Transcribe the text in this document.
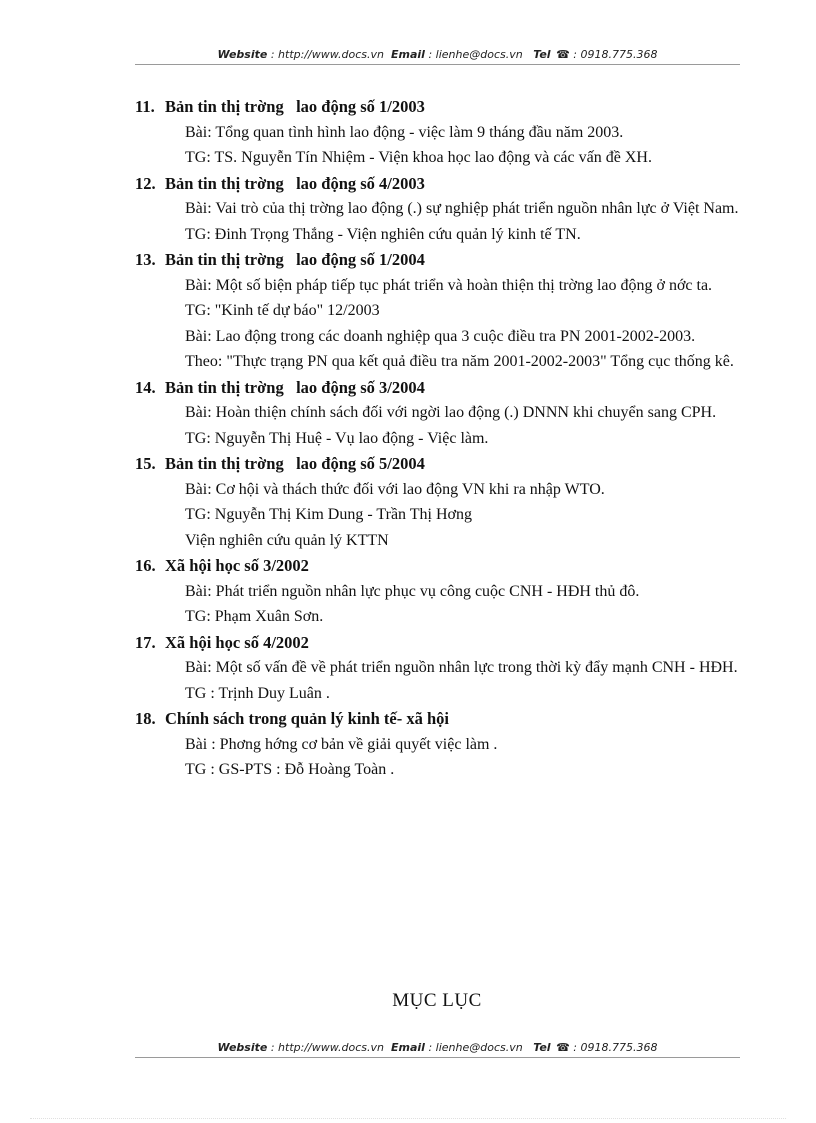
Website : http://www.docs.vn Email : lienhe@docs.vn Tel ☎ : 0918.775.368

11. Bản tin thị trờng   lao động số 1/2003

Bài: Tổng quan tình hình lao động - việc làm 9 tháng đầu năm 2003.

TG: TS. Nguyễn Tín Nhiệm - Viện khoa học lao động và các vấn đề XH.

12. Bản tin thị trờng   lao động số 4/2003

Bài: Vai trò của thị trờng lao động (.) sự nghiệp phát triển nguồn nhân lực ở Việt Nam.

TG: Đinh Trọng Thắng - Viện nghiên cứu quản lý kinh tế TN.

13. Bản tin thị trờng   lao động số 1/2004

Bài: Một số biện pháp tiếp tục phát triển và hoàn thiện thị trờng lao động ở nớc ta.

TG: "Kinh tế dự báo" 12/2003

Bài: Lao động trong các doanh nghiệp qua 3 cuộc điều tra PN 2001-2002-2003.

Theo: "Thực trạng PN qua kết quả điều tra năm 2001-2002-2003" Tổng cục thống kê.

14. Bản tin thị trờng   lao động số 3/2004

Bài: Hoàn thiện chính sách đối với ngời lao động (.) DNNN khi chuyển sang CPH.

TG: Nguyễn Thị Huệ - Vụ lao động - Việc làm.

15. Bản tin thị trờng   lao động số 5/2004

Bài: Cơ hội và thách thức đối với lao động VN khi ra nhập WTO.

TG: Nguyễn Thị Kim Dung - Trần Thị Hơng

Viện nghiên cứu quản lý KTTN

16. Xã hội học số 3/2002

Bài: Phát triển nguồn nhân lực phục vụ công cuộc CNH - HĐH thủ đô.

TG: Phạm Xuân Sơn.

17. Xã hội học số 4/2002

Bài: Một số vấn đề về phát triển nguồn nhân lực trong thời kỳ đẩy mạnh CNH - HĐH.

TG : Trịnh Duy Luân .

18. Chính sách trong quản lý kinh tế- xã hội

Bài : Phơng hớng cơ bản về giải quyết việc làm .

TG : GS-PTS : Đỗ Hoàng Toàn .

MỤC LỤC
Website : http://www.docs.vn Email : lienhe@docs.vn Tel ☎ : 0918.775.368
